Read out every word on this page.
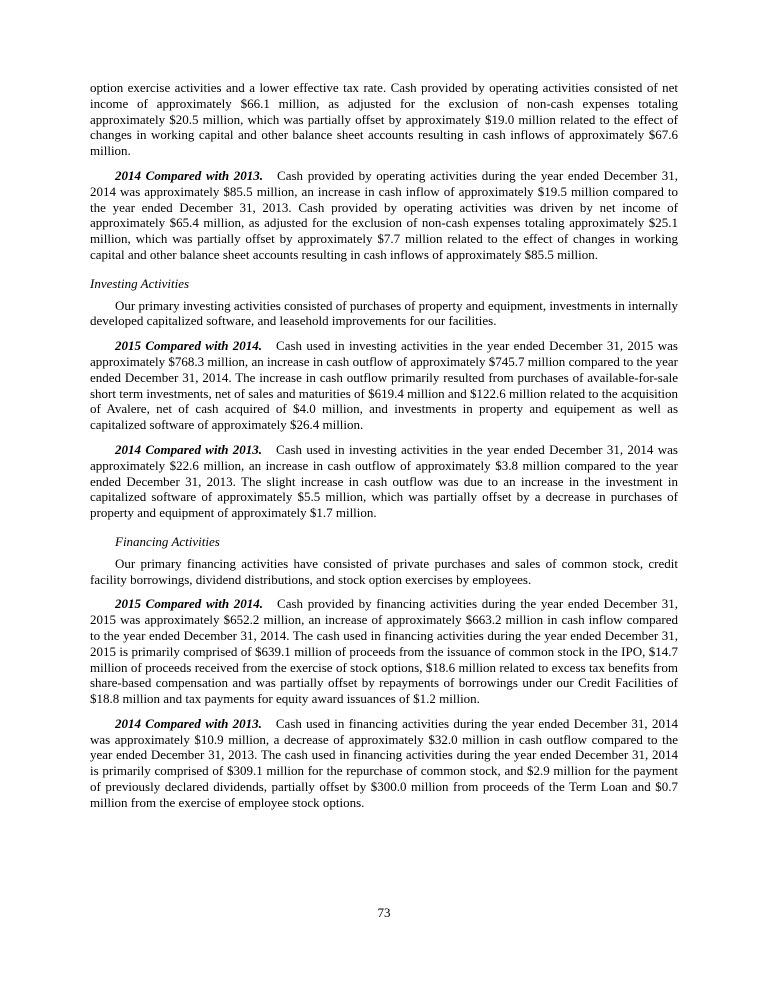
option exercise activities and a lower effective tax rate. Cash provided by operating activities consisted of net income of approximately $66.1 million, as adjusted for the exclusion of non-cash expenses totaling approximately $20.5 million, which was partially offset by approximately $19.0 million related to the effect of changes in working capital and other balance sheet accounts resulting in cash inflows of approximately $67.6 million.

2014 Compared with 2013. Cash provided by operating activities during the year ended December 31, 2014 was approximately $85.5 million, an increase in cash inflow of approximately $19.5 million compared to the year ended December 31, 2013. Cash provided by operating activities was driven by net income of approximately $65.4 million, as adjusted for the exclusion of non-cash expenses totaling approximately $25.1 million, which was partially offset by approximately $7.7 million related to the effect of changes in working capital and other balance sheet accounts resulting in cash inflows of approximately $85.5 million.

Investing Activities

Our primary investing activities consisted of purchases of property and equipment, investments in internally developed capitalized software, and leasehold improvements for our facilities.

2015 Compared with 2014. Cash used in investing activities in the year ended December 31, 2015 was approximately $768.3 million, an increase in cash outflow of approximately $745.7 million compared to the year ended December 31, 2014. The increase in cash outflow primarily resulted from purchases of available-for-sale short term investments, net of sales and maturities of $619.4 million and $122.6 million related to the acquisition of Avalere, net of cash acquired of $4.0 million, and investments in property and equipement as well as capitalized software of approximately $26.4 million.

2014 Compared with 2013. Cash used in investing activities in the year ended December 31, 2014 was approximately $22.6 million, an increase in cash outflow of approximately $3.8 million compared to the year ended December 31, 2013. The slight increase in cash outflow was due to an increase in the investment in capitalized software of approximately $5.5 million, which was partially offset by a decrease in purchases of property and equipment of approximately $1.7 million.

Financing Activities

Our primary financing activities have consisted of private purchases and sales of common stock, credit facility borrowings, dividend distributions, and stock option exercises by employees.

2015 Compared with 2014. Cash provided by financing activities during the year ended December 31, 2015 was approximately $652.2 million, an increase of approximately $663.2 million in cash inflow compared to the year ended December 31, 2014. The cash used in financing activities during the year ended December 31, 2015 is primarily comprised of $639.1 million of proceeds from the issuance of common stock in the IPO, $14.7 million of proceeds received from the exercise of stock options, $18.6 million related to excess tax benefits from share-based compensation and was partially offset by repayments of borrowings under our Credit Facilities of $18.8 million and tax payments for equity award issuances of $1.2 million.

2014 Compared with 2013. Cash used in financing activities during the year ended December 31, 2014 was approximately $10.9 million, a decrease of approximately $32.0 million in cash outflow compared to the year ended December 31, 2013. The cash used in financing activities during the year ended December 31, 2014 is primarily comprised of $309.1 million for the repurchase of common stock, and $2.9 million for the payment of previously declared dividends, partially offset by $300.0 million from proceeds of the Term Loan and $0.7 million from the exercise of employee stock options.

73
